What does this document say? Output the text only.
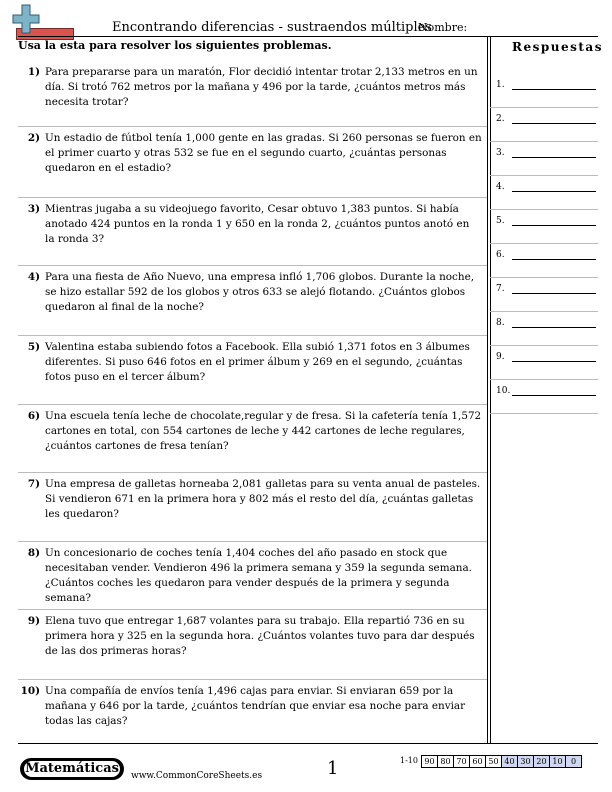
Encontrando diferencias - sustraendos múltiples
Nombre:
Usa la esta para resolver los siguientes problemas.	Respuestas
1) Para prepararse para un maratón, Flor decidió intentar trotar 2,133 metros en un día. Si trotó 762 metros por la mañana y 496 por la tarde, ¿cuántos metros más necesita trotar?
2) Un estadio de fútbol tenía 1,000 gente en las gradas. Si 260 personas se fueron en el primer cuarto y otras 532 se fue en el segundo cuarto, ¿cuántas personas quedaron en el estadio?
3) Mientras jugaba a su videojuego favorito, Cesar obtuvo 1,383 puntos. Si había anotado 424 puntos en la ronda 1 y 650 en la ronda 2, ¿cuántos puntos anotó en la ronda 3?
4) Para una fiesta de Año Nuevo, una empresa infló 1,706 globos. Durante la noche, se hizo estallar 592 de los globos y otros 633 se alejó flotando. ¿Cuántos globos quedaron al final de la noche?
5) Valentina estaba subiendo fotos a Facebook. Ella subió 1,371 fotos en 3 álbumes diferentes. Si puso 646 fotos en el primer álbum y 269 en el segundo, ¿cuántas fotos puso en el tercer álbum?
6) Una escuela tenía leche de chocolate,regular y de fresa. Si la cafetería tenía 1,572 cartones en total, con 554 cartones de leche y 442 cartones de leche regulares, ¿cuántos cartones de fresa tenían?
7) Una empresa de galletas horneaba 2,081 galletas para su venta anual de pasteles. Si vendieron 671 en la primera hora y 802 más el resto del día, ¿cuántas galletas les quedaron?
8) Un concesionario de coches tenía 1,404 coches del año pasado en stock que necesitaban vender. Vendieron 496 la primera semana y 359 la segunda semana. ¿Cuántos coches les quedaron para vender después de la primera y segunda semana?
9) Elena tuvo que entregar 1,687 volantes para su trabajo. Ella repartió 736 en su primera hora y 325 en la segunda hora. ¿Cuántos volantes tuvo para dar después de las dos primeras horas?
10) Una compañía de envíos tenía 1,496 cajas para enviar. Si enviaran 659 por la mañana y 646 por la tarde, ¿cuántos tendrían que enviar esa noche para enviar todas las cajas?
1.
2.
3.
4.
5.
6.
7.
8.
9.
10.
Matemáticas www.CommonCoreSheets.es	1	1-10 90 80 70 60 50 40 30 20 10	0
